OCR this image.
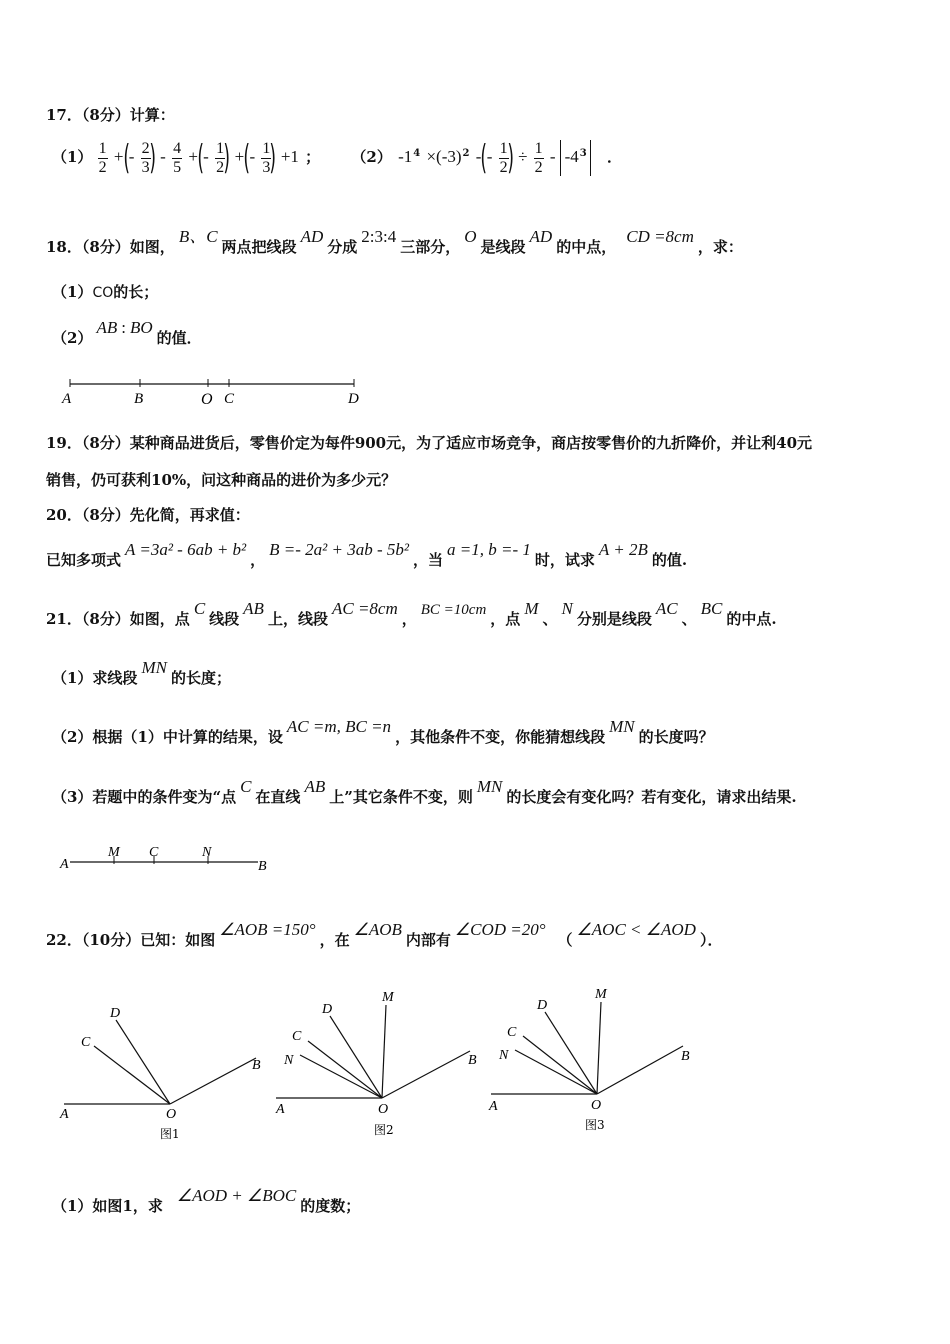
17．（8分）计算：
$(1) \frac{1}{2}$ +(- $\frac{2}{3}$
) - $\frac{4}{5}$ +(- $\frac{1}{2}$
) +(- $\frac{1}{3}$
) +1 ； （2） $-1^4 \times(-3)^2$ -(- $\frac{1}{2}$
) ÷ $\frac{1}{2} - -4^3$ ．
18．（8分）如图，B、C两点把线段AD分成2:3:4三部分，O是线段AD的中点，CD =8cm，求：
（1）CO的长；
（2）AB : BO的值．
A	B	O C	D
19．（8分）某种商品进货后，零售价定为每件900元，为了适应市场竞争，商店按零售价的九折降价，并让利40元
销售，仍可获利10%，问这种商品的进价为多少元？
20．（8分）先化简，再求值：
已知多项式A =3a² - 6ab + b²，B =- 2a² + 3ab - 5b²，当a =1, b =- 1时，试求A + 2B的值.
21．（8分）如图，点C线段AB上，线段AC =8cm， BC =10cm ，点M、N分别是线段AC、BC的中点.
（1）求线段MN的长度；
（2）根据（1）中计算的结果，设AC =m, BC =n，其他条件不变，你能猜想线段MN的长度吗？
（3）若题中的条件变为“点C在直线AB上”其它条件不变，则MN的长度会有变化吗？若有变化，请求出结果.
A
M C	N
B
22．（10分）已知：如图∠AOB =150°，在∠AOB内部有∠COD =20°（∠AOC < ∠AOD）．
D
C
B
A	O
图1
D
M
C
N	B
A	O
图2
D
M
C
N	B
A	O
图3
（1）如图1，求∠AOD + ∠BOC的度数；
